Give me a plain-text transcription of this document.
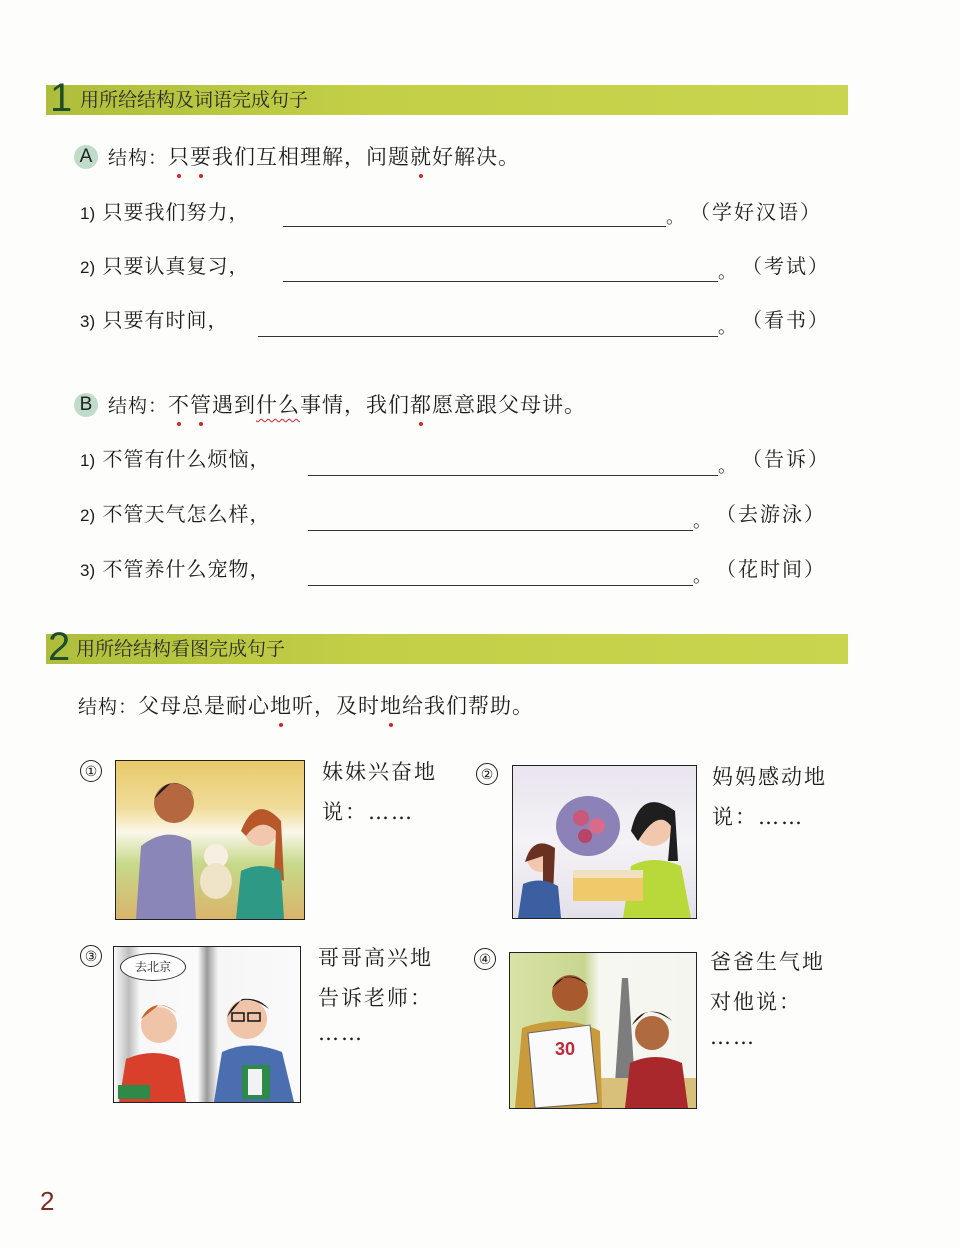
1 用所给结构及词语完成句子
A 结构：只要我们互相理解，问题就好解决。
1) 只要我们努力，	。 （学好汉语）
2) 只要认真复习，	。 （考试）
3) 只要有时间，	。 （看书）
B 结构：不管遇到什么事情，我们都愿意跟父母讲。
1) 不管有什么烦恼，	。 （告诉）
2) 不管天气怎么样，	。 （去游泳）
3) 不管养什么宠物，	。 （花时间）
2 用所给结构看图完成句子
结构：父母总是耐心地听，及时地给我们帮助。
①	妹妹兴奋地
说：……
②	妈妈感动地
说：……
③
去北京	哥哥高兴地
告诉老师：
……
④
30
爸爸生气地
对他说：
……
2
